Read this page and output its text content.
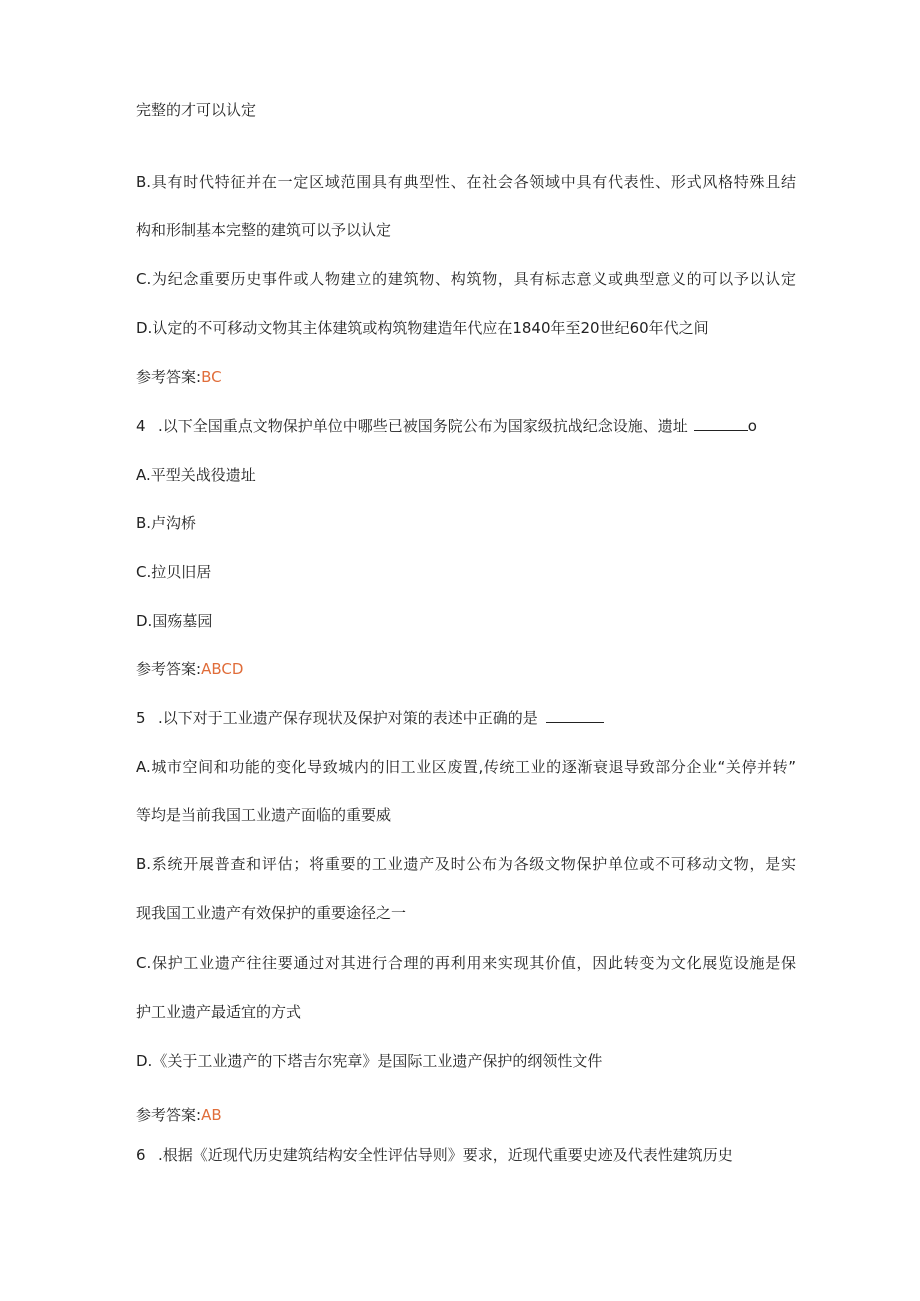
完整的才可以认定
B.具有时代特征并在一定区域范围具有典型性、在社会各领域中具有代表性、形式风格特殊且结
构和形制基本完整的建筑可以予以认定
C.为纪念重要历史事件或人物建立的建筑物、构筑物，具有标志意义或典型意义的可以予以认定
D.认定的不可移动文物其主体建筑或构筑物建造年代应在1840年至20世纪60年代之间
参考答案:BC
4 .以下全国重点文物保护单位中哪些已被国务院公布为国家级抗战纪念设施、遗址	o
A.平型关战役遗址
B.卢沟桥
C.拉贝旧居
D.国殇墓园
参考答案:ABCD
5 .以下对于工业遗产保存现状及保护对策的表述中正确的是
A.城市空间和功能的变化导致城内的旧工业区废置,传统工业的逐渐衰退导致部分企业“关停并转”
等均是当前我国工业遗产面临的重要威
B.系统开展普查和评估；将重要的工业遗产及时公布为各级文物保护单位或不可移动文物，是实
现我国工业遗产有效保护的重要途径之一
C.保护工业遗产往往要通过对其进行合理的再利用来实现其价值，因此转变为文化展览设施是保
护工业遗产最适宜的方式
D.《关于工业遗产的下塔吉尔宪章》是国际工业遗产保护的纲领性文件
参考答案:AB
6 .根据《近现代历史建筑结构安全性评估导则》要求，近现代重要史迹及代表性建筑历史
